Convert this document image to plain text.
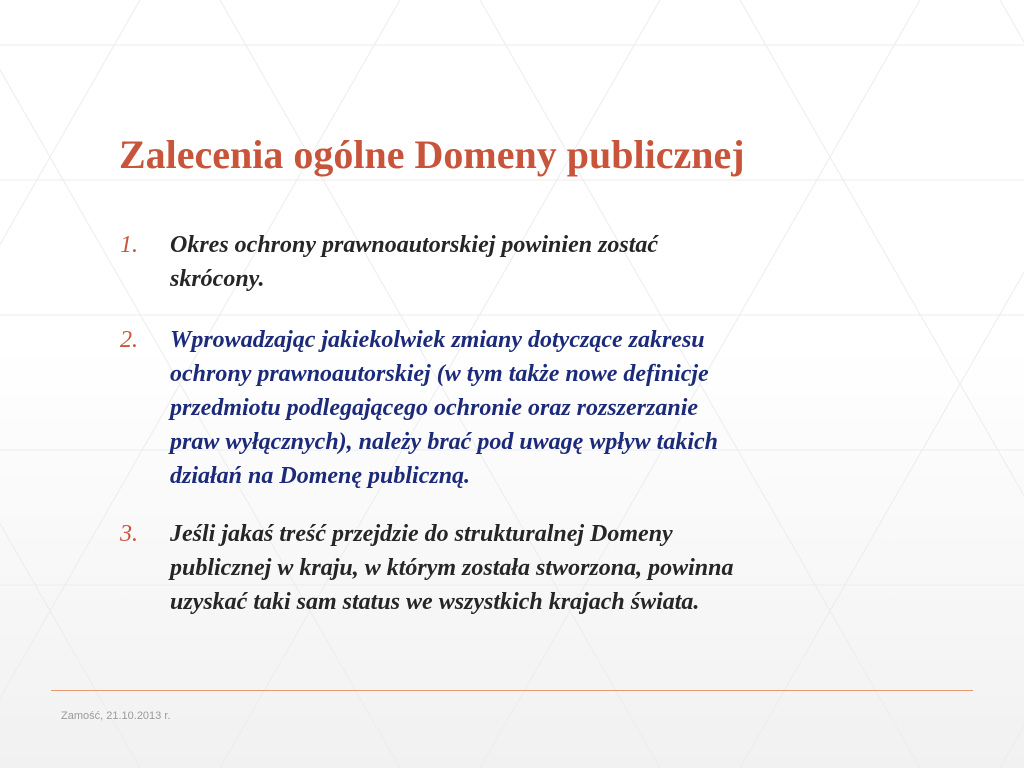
Zalecenia ogólne Domeny publicznej
1. Okres ochrony prawnoautorskiej powinien zostać
skrócony.
2. Wprowadzając jakiekolwiek zmiany dotyczące zakresu
ochrony prawnoautorskiej (w tym także nowe definicje
przedmiotu podlegającego ochronie oraz rozszerzanie
praw wyłącznych), należy brać pod uwagę wpływ takich
działań na Domenę publiczną.
3. Jeśli jakaś treść przejdzie do strukturalnej Domeny
publicznej w kraju, w którym została stworzona, powinna
uzyskać taki sam status we wszystkich krajach świata.
Zamość, 21.10.2013 r.
